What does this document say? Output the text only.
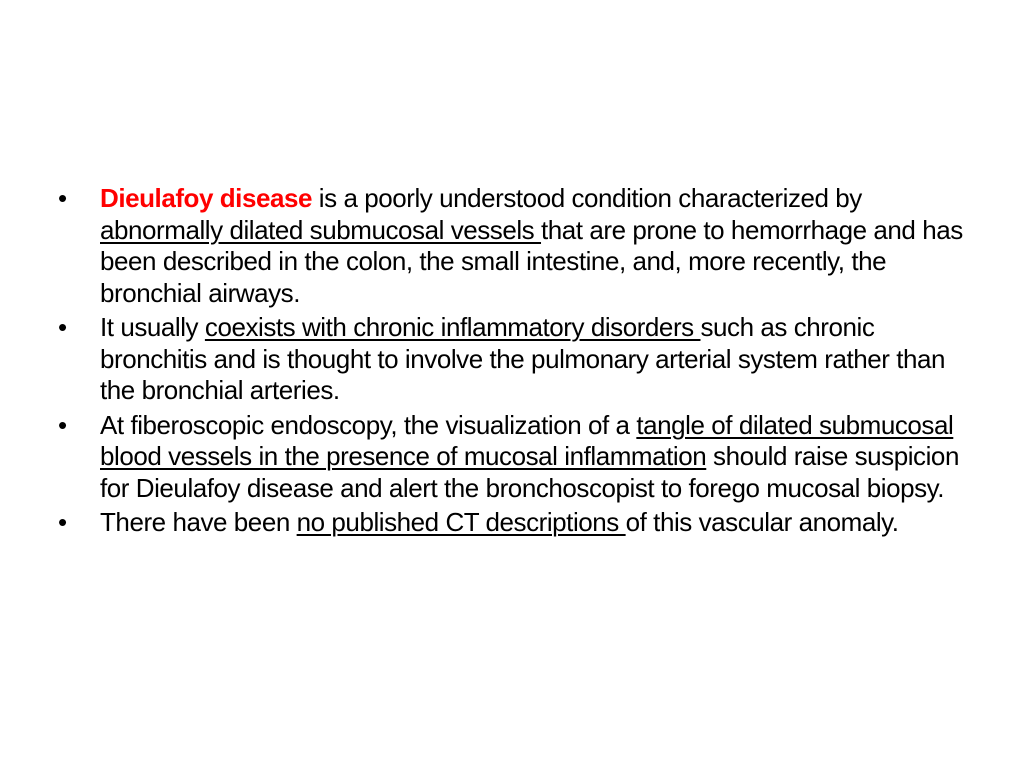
•	Dieulafoy disease is a poorly understood condition characterized by abnormally dilated submucosal vessels that are prone to hemorrhage and has been described in the colon, the small intestine, and, more recently, the bronchial airways.
•	It usually coexists with chronic inflammatory disorders such as chronic bronchitis and is thought to involve the pulmonary arterial system rather than the bronchial arteries.
•	At fiberoscopic endoscopy, the visualization of a tangle of dilated submucosal blood vessels in the presence of mucosal inflammation should raise suspicion for Dieulafoy disease and alert the bronchoscopist to forego mucosal biopsy.
•	There have been no published CT descriptions of this vascular anomaly.
